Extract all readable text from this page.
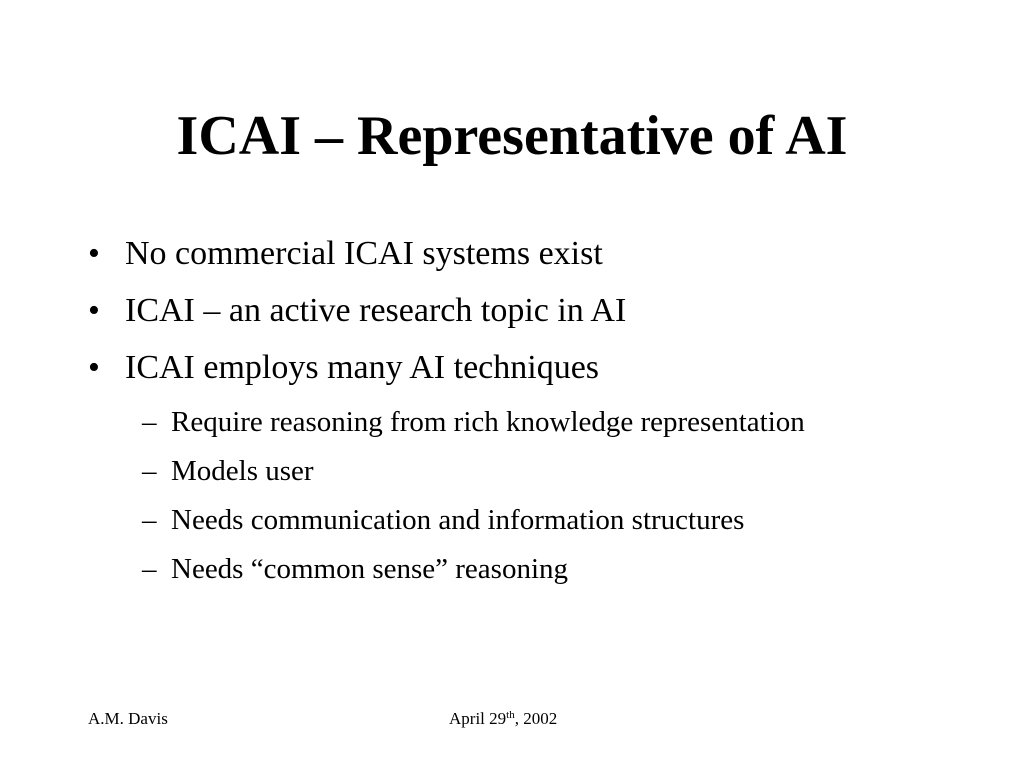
ICAI – Representative of AI
• No commercial ICAI systems exist
• ICAI – an active research topic in AI
• ICAI employs many AI techniques
– Require reasoning from rich knowledge representation
– Models user
– Needs communication and information structures
– Needs “common sense” reasoning
A.M. Davis	April 29th, 2002
